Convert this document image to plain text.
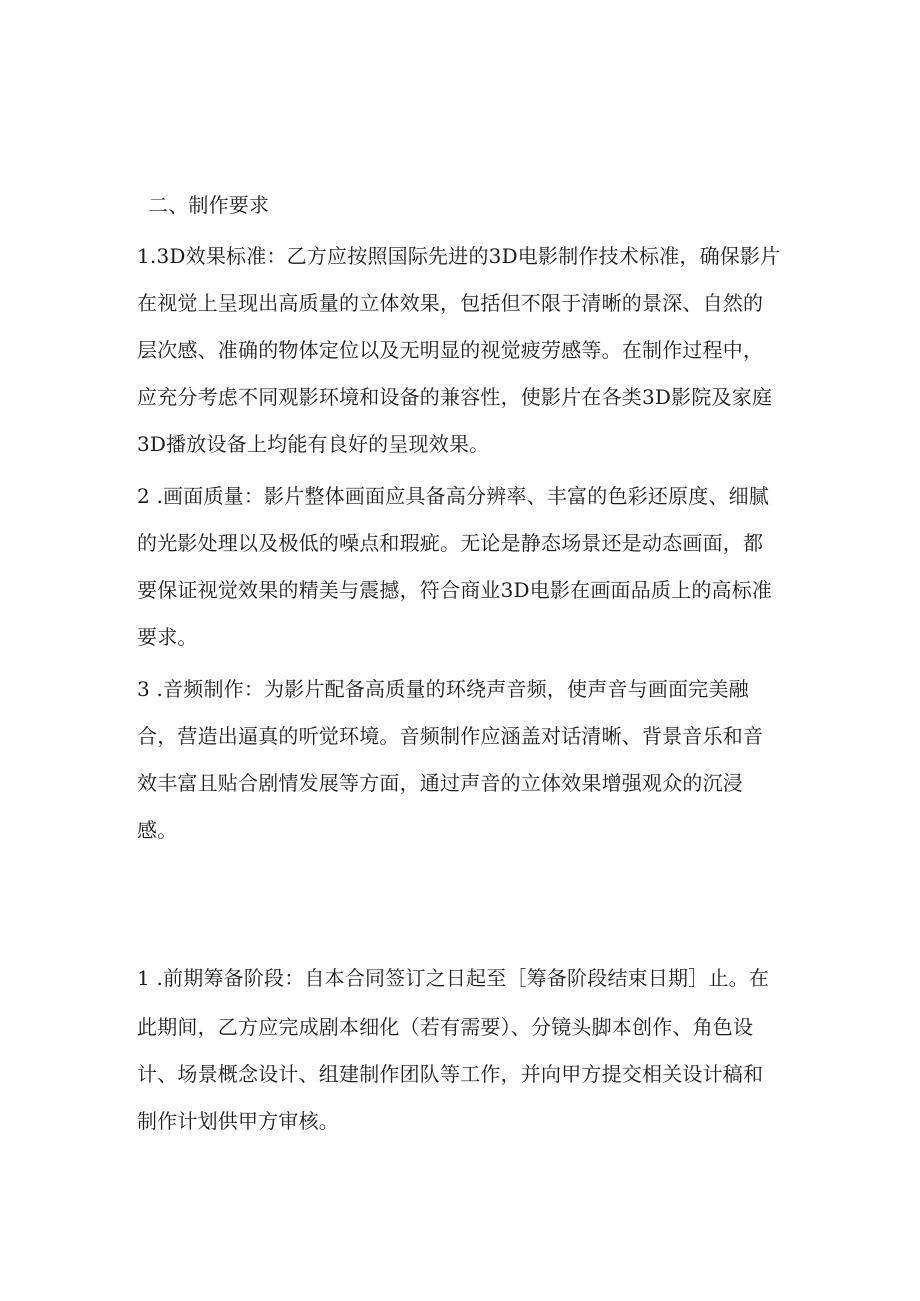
二、制作要求
1.3D效果标准：乙方应按照国际先进的3D电影制作技术标准，确保影片
在视觉上呈现出高质量的立体效果，包括但不限于清晰的景深、自然的
层次感、准确的物体定位以及无明显的视觉疲劳感等。在制作过程中，
应充分考虑不同观影环境和设备的兼容性，使影片在各类3D影院及家庭
3D播放设备上均能有良好的呈现效果。
2 .画面质量：影片整体画面应具备高分辨率、丰富的色彩还原度、细腻
的光影处理以及极低的噪点和瑕疵。无论是静态场景还是动态画面，都
要保证视觉效果的精美与震撼，符合商业3D电影在画面品质上的高标准
要求。
3 .音频制作：为影片配备高质量的环绕声音频，使声音与画面完美融
合，营造出逼真的听觉环境。音频制作应涵盖对话清晰、背景音乐和音
效丰富且贴合剧情发展等方面，通过声音的立体效果增强观众的沉浸
感。
1 .前期筹备阶段：自本合同签订之日起至［筹备阶段结束日期］止。在
此期间，乙方应完成剧本细化（若有需要）、分镜头脚本创作、角色设
计、场景概念设计、组建制作团队等工作，并向甲方提交相关设计稿和
制作计划供甲方审核。
